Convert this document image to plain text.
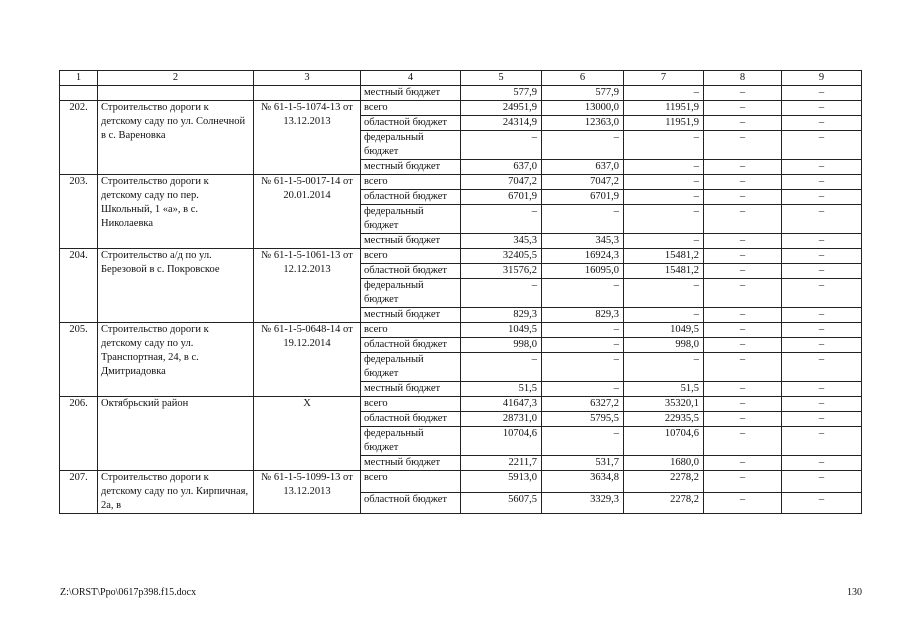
1	2	3	4	5	6	7	8	9
			местный бюджет	577,9	577,9	–	–	–
202.	Строительство дороги к детскому саду по ул. Солнечной в с. Вареновка	№ 61-1-5-1074-13 от 13.12.2013	всего	24951,9	13000,0	11951,9	–	–
			областной бюджет	24314,9	12363,0	11951,9	–	–
			федеральный бюджет	–	–	–	–	–
			местный бюджет	637,0	637,0	–	–	–
203.	Строительство дороги к детскому саду по пер. Школьный, 1 «а», в с. Николаевка	№ 61-1-5-0017-14 от 20.01.2014	всего	7047,2	7047,2	–	–	–
			областной бюджет	6701,9	6701,9	–	–	–
			федеральный бюджет	–	–	–	–	–
			местный бюджет	345,3	345,3	–	–	–
204.	Строительство а/д по ул. Березовой в с. Покровское	№ 61-1-5-1061-13 от 12.12.2013	всего	32405,5	16924,3	15481,2	–	–
			областной бюджет	31576,2	16095,0	15481,2	–	–
			федеральный бюджет	–	–	–	–	–
			местный бюджет	829,3	829,3	–	–	–
205.	Строительство дороги к детскому саду по ул. Транспортная, 24, в с. Дмитриадовка	№ 61-1-5-0648-14 от 19.12.2014	всего	1049,5	–	1049,5	–	–
			областной бюджет	998,0	–	998,0	–	–
			федеральный бюджет	–	–	–	–	–
			местный бюджет	51,5	–	51,5	–	–
206.	Октябрьский район	Х	всего	41647,3	6327,2	35320,1	–	–
			областной бюджет	28731,0	5795,5	22935,5	–	–
			федеральный бюджет	10704,6	–	10704,6	–	–
			местный бюджет	2211,7	531,7	1680,0	–	–
207.	Строительство дороги к детскому саду по ул. Кирпичная, 2а, в	№ 61-1-5-1099-13 от 13.12.2013	всего	5913,0	3634,8	2278,2	–	–
			областной бюджет	5607,5	3329,3	2278,2	–	–
Z:\ORST\Ppo\0617p398.f15.docx	130
